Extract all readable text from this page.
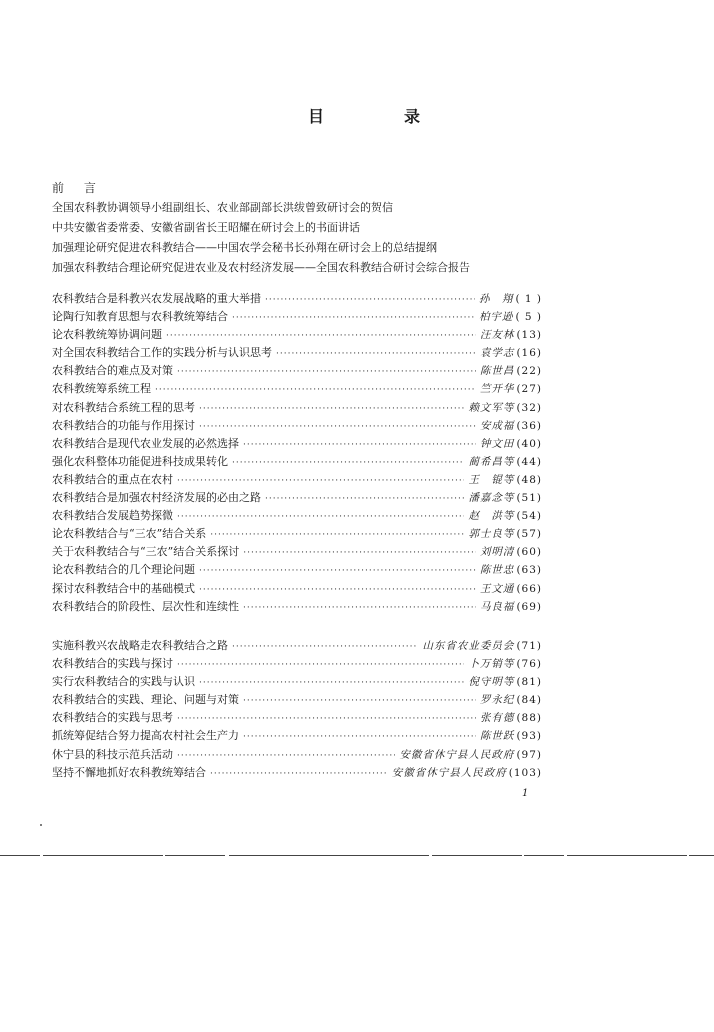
目　录
前 言
全国农科教协调领导小组副组长、农业部副部长洪绂曾致研讨会的贺信
中共安徽省委常委、安徽省副省长王昭耀在研讨会上的书面讲话
加强理论研究促进农科教结合——中国农学会秘书长孙翔在研讨会上的总结提纲
加强农科教结合理论研究促进农业及农村经济发展——全国农科教结合研讨会综合报告
农科教结合是科教兴农发展战略的重大举措 ·····	孙　翔 ( 1 )
论陶行知教育思想与农科教统筹结合 ·····	柏宇逊 ( 5 )
论农科教统筹协调问题 ·····	汪友林 (13)
对全国农科教结合工作的实践分析与认识思考 ·····	袁学志 (16)
农科教结合的难点及对策 ·····	陈世昌 (22)
农科教统筹系统工程 ·····	竺开华 (27)
对农科教结合系统工程的思考 ·····	赖文军等 (32)
农科教结合的功能与作用探讨 ·····	安成福 (36)
农科教结合是现代农业发展的必然选择 ·····	钟文田 (40)
强化农科整体功能促进科技成果转化 ·····	蔺希昌等 (44)
农科教结合的重点在农村 ·····	王　锟等 (48)
农科教结合是加强农村经济发展的必由之路 ·····	潘嘉念等 (51)
农科教结合发展趋势探微 ·····	赵　洪等 (54)
论农科教结合与“三农”结合关系 ·····	郭士良等 (57)
关于农科教结合与“三农”结合关系探讨 ·····	刘明清 (60)
论农科教结合的几个理论问题 ·····	陈世忠 (63)
探讨农科教结合中的基础模式 ·····	王文通 (66)
农科教结合的阶段性、层次性和连续性 ·····	马良福 (69)
实施科教兴农战略走农科教结合之路 ·····	山东省农业委员会 (71)
农科教结合的实践与探讨 ·····	卜万销等 (76)
实行农科教结合的实践与认识 ·····	倪守明等 (81)
农科教结合的实践、理论、问题与对策 ·····	罗永纪 (84)
农科教结合的实践与思考 ·····	张有德 (88)
抓统筹促结合努力提高农村社会生产力 ·····	陈世跃 (93)
休宁县的科技示范兵活动 ·····	安徽省休宁县人民政府 (97)
坚持不懈地抓好农科教统筹结合 ·····	安徽省休宁县人民政府 (103)
1
